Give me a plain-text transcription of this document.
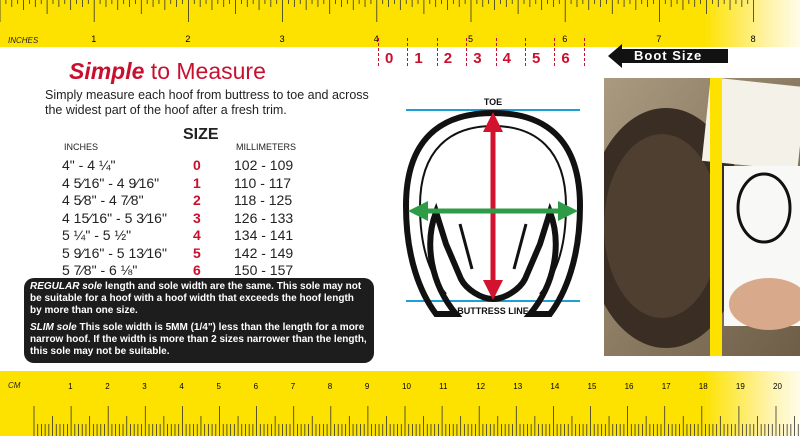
1	2	3	4	5	6	7	8
INCHES
0 1 2 3 4 5 6	Boot Size
Simple to Measure
Simply measure each hoof from buttress to toe and across the widest part of the hoof after a fresh trim.
INCHES
SIZE
MILLIMETERS
4" - 4 ¼"	0 102 - 109
4 5⁄16" - 4 9⁄16" 1 110 - 117
4 5⁄8" - 4 7⁄8"	2 118 - 125
4 15⁄16" - 5 3⁄16" 3 126 - 133
5 ¼" - 5 ½"	4 134 - 141
5 9⁄16" - 5 13⁄16" 5 142 - 149
5 7⁄8" - 6 ⅛"	6 150 - 157

REGULAR sole length and sole width are the same. This sole may not be suitable for a hoof with a hoof width that exceeds the hoof length by more than one size.

SLIM sole This sole width is 5MM (1/4") less than the length for a more narrow hoof. If the width is more than 2 sizes narrower than the length, this sole may not be suitable.

TOE
BUTTRESS LINE
1	2	3	4	5	6	7	8	9	10	11	12	13	14	15	16	17	18	19	20
CM
